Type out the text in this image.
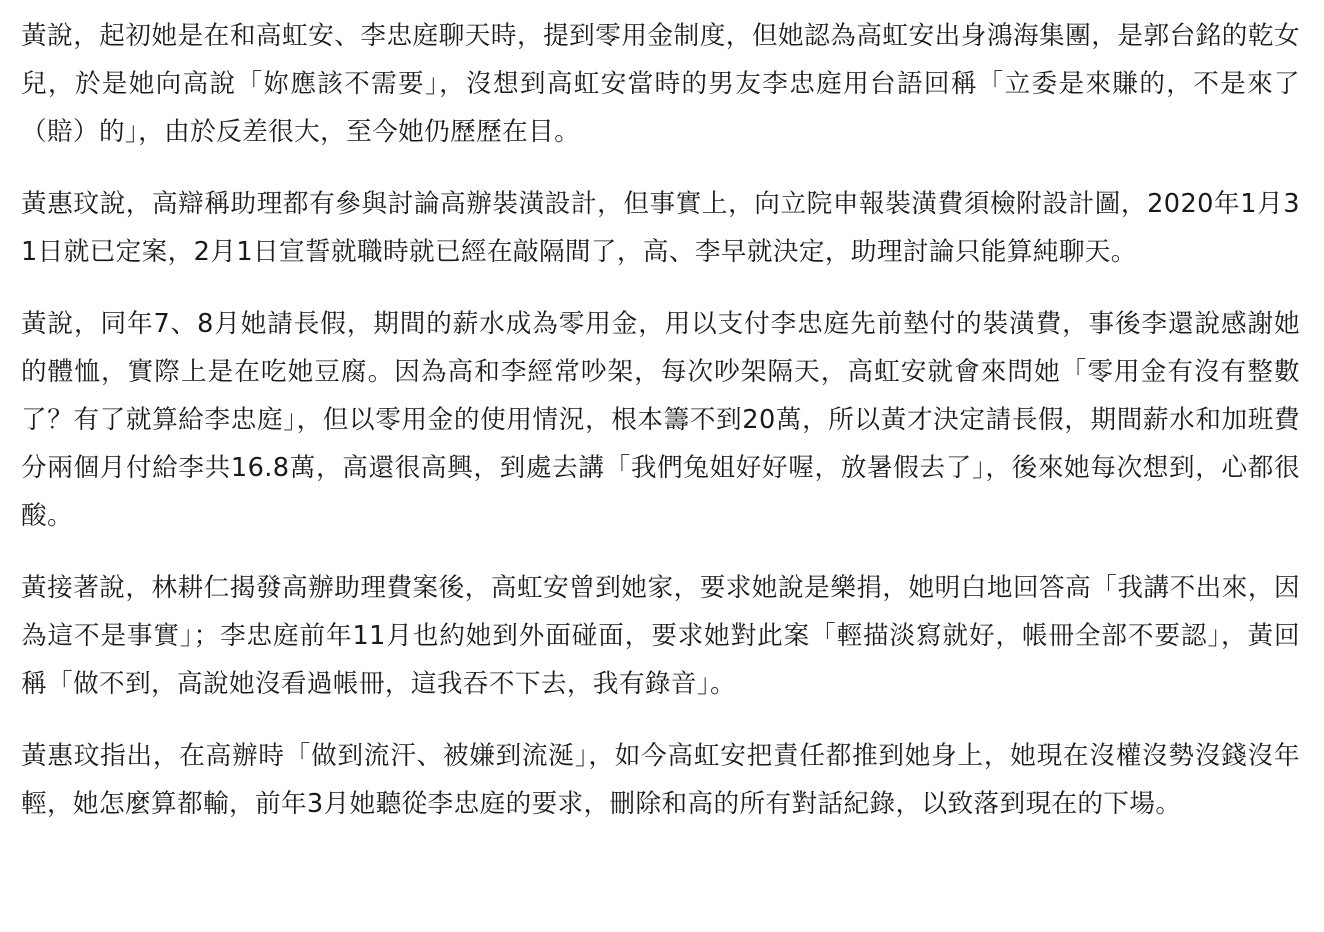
黃說，起初她是在和高虹安、李忠庭聊天時，提到零用金制度，但她認為高虹安出身鴻海集團，是郭台銘的乾女兒，於是她向高說「妳應該不需要」，沒想到高虹安當時的男友李忠庭用台語回稱「立委是來賺的，不是來了（賠）的」，由於反差很大，至今她仍歷歷在目。

黃惠玟說，高辯稱助理都有參與討論高辦裝潢設計，但事實上，向立院申報裝潢費須檢附設計圖，2020年1月31日就已定案，2月1日宣誓就職時就已經在敲隔間了，高、李早就決定，助理討論只能算純聊天。

黃說，同年7、8月她請長假，期間的薪水成為零用金，用以支付李忠庭先前墊付的裝潢費，事後李還說感謝她的體恤，實際上是在吃她豆腐。因為高和李經常吵架，每次吵架隔天，高虹安就會來問她「零用金有沒有整數了？有了就算給李忠庭」，但以零用金的使用情況，根本籌不到20萬，所以黃才決定請長假，期間薪水和加班費分兩個月付給李共16.8萬，高還很高興，到處去講「我們兔姐好好喔，放暑假去了」，後來她每次想到，心都很酸。

黃接著說，林耕仁揭發高辦助理費案後，高虹安曾到她家，要求她說是樂捐，她明白地回答高「我講不出來，因為這不是事實」；李忠庭前年11月也約她到外面碰面，要求她對此案「輕描淡寫就好，帳冊全部不要認」，黃回稱「做不到，高說她沒看過帳冊，這我吞不下去，我有錄音」。

黃惠玟指出，在高辦時「做到流汗、被嫌到流涎」，如今高虹安把責任都推到她身上，她現在沒權沒勢沒錢沒年輕，她怎麼算都輸，前年3月她聽從李忠庭的要求，刪除和高的所有對話紀錄，以致落到現在的下場。
